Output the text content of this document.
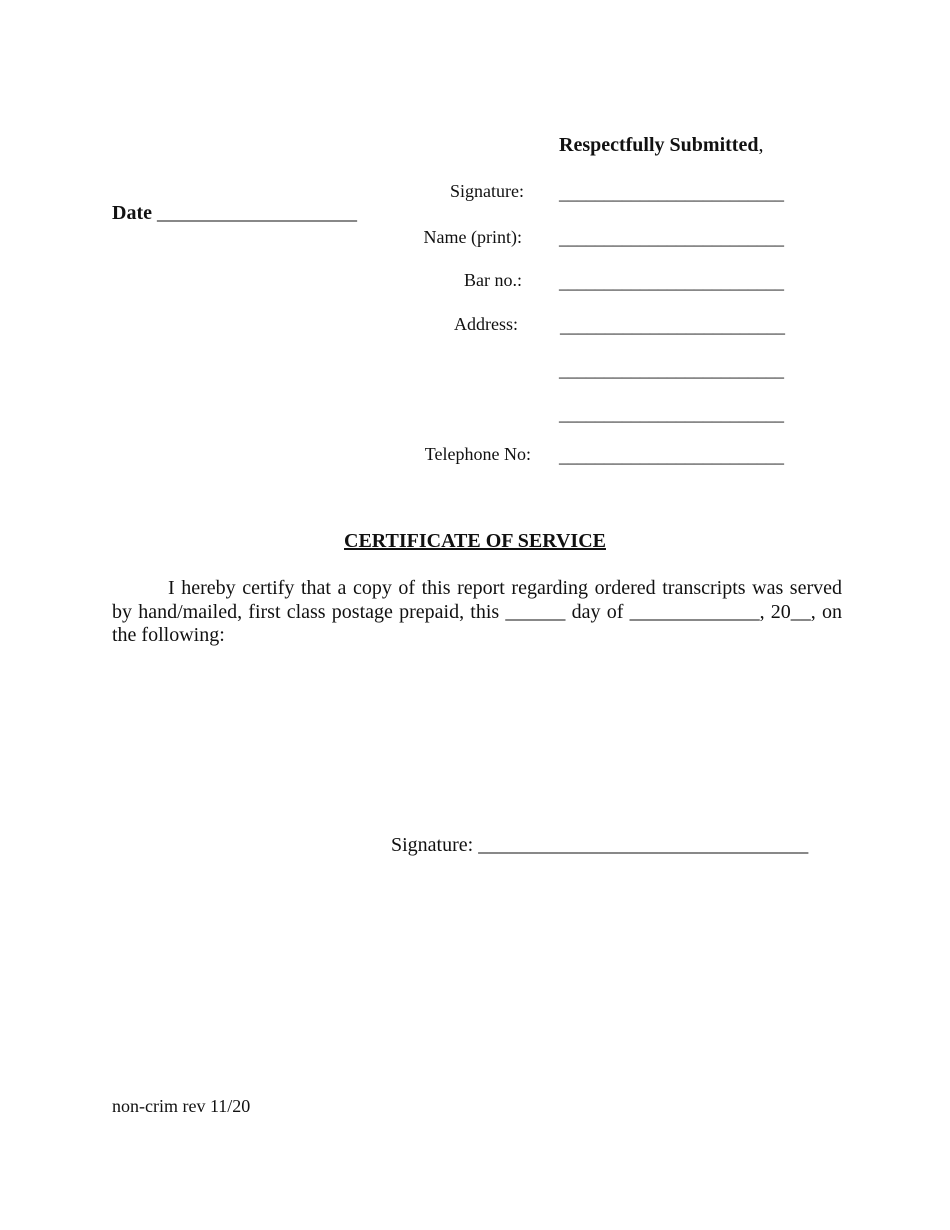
Respectfully Submitted,
Date ____________________
Signature: _________________________
Name (print): _________________________
Bar no.: _________________________
Address: _________________________
_________________________
_________________________
Telephone No: _________________________
CERTIFICATE OF SERVICE
I hereby certify that a copy of this report regarding ordered transcripts was served by hand/mailed, first class postage prepaid, this ______ day of _____________, 20__, on the following:
Signature: _________________________________
non-crim rev 11/20
